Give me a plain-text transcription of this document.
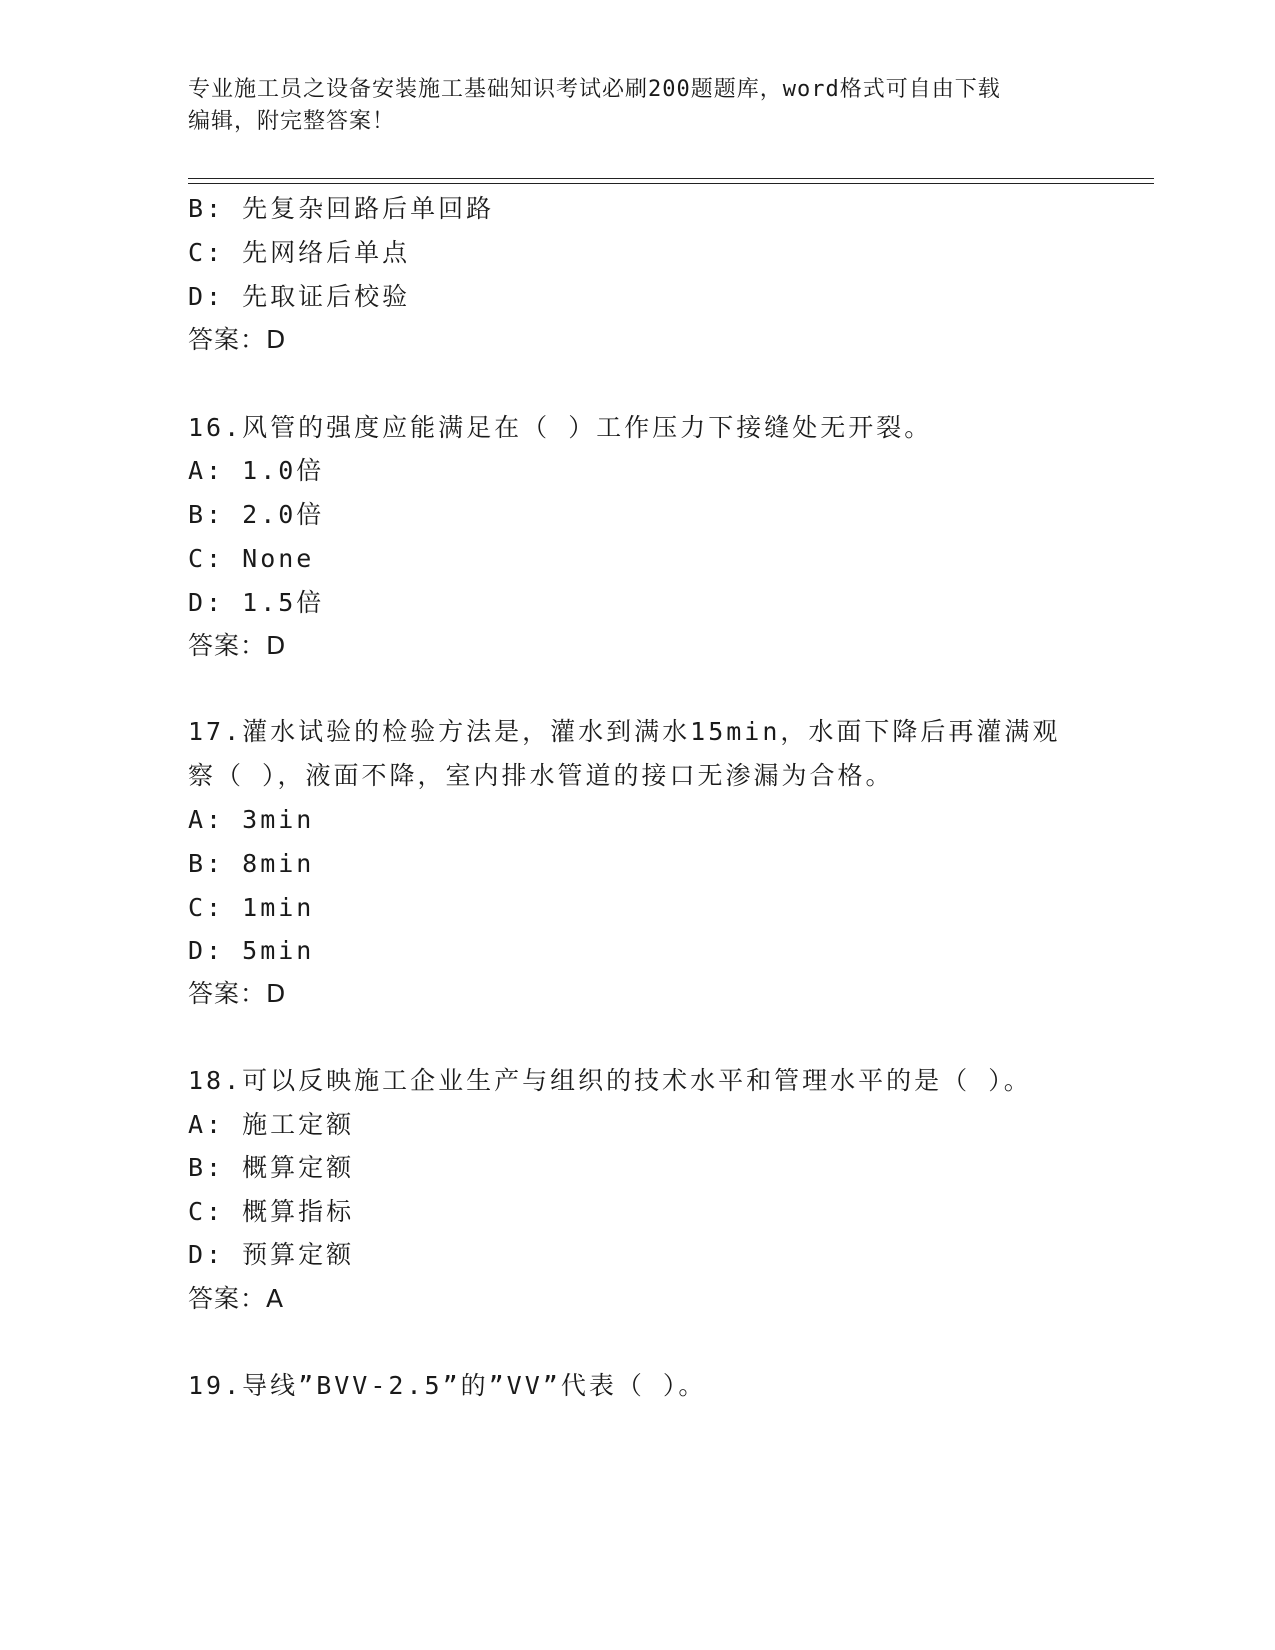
专业施工员之设备安装施工基础知识考试必刷200题题库，word格式可自由下载
编辑，附完整答案！
B: 先复杂回路后单回路
C: 先网络后单点
D: 先取证后校验
答案：D
16.风管的强度应能满足在（ ）工作压力下接缝处无开裂。
A: 1.0倍
B: 2.0倍
C: None
D: 1.5倍
答案：D
17.灌水试验的检验方法是，灌水到满水15min，水面下降后再灌满观
察（ ），液面不降，室内排水管道的接口无渗漏为合格。
A: 3min
B: 8min
C: 1min
D: 5min
答案：D
18.可以反映施工企业生产与组织的技术水平和管理水平的是（ ）。
A: 施工定额
B: 概算定额
C: 概算指标
D: 预算定额
答案：A
19.导线”BVV-2.5”的”VV”代表（ ）。
